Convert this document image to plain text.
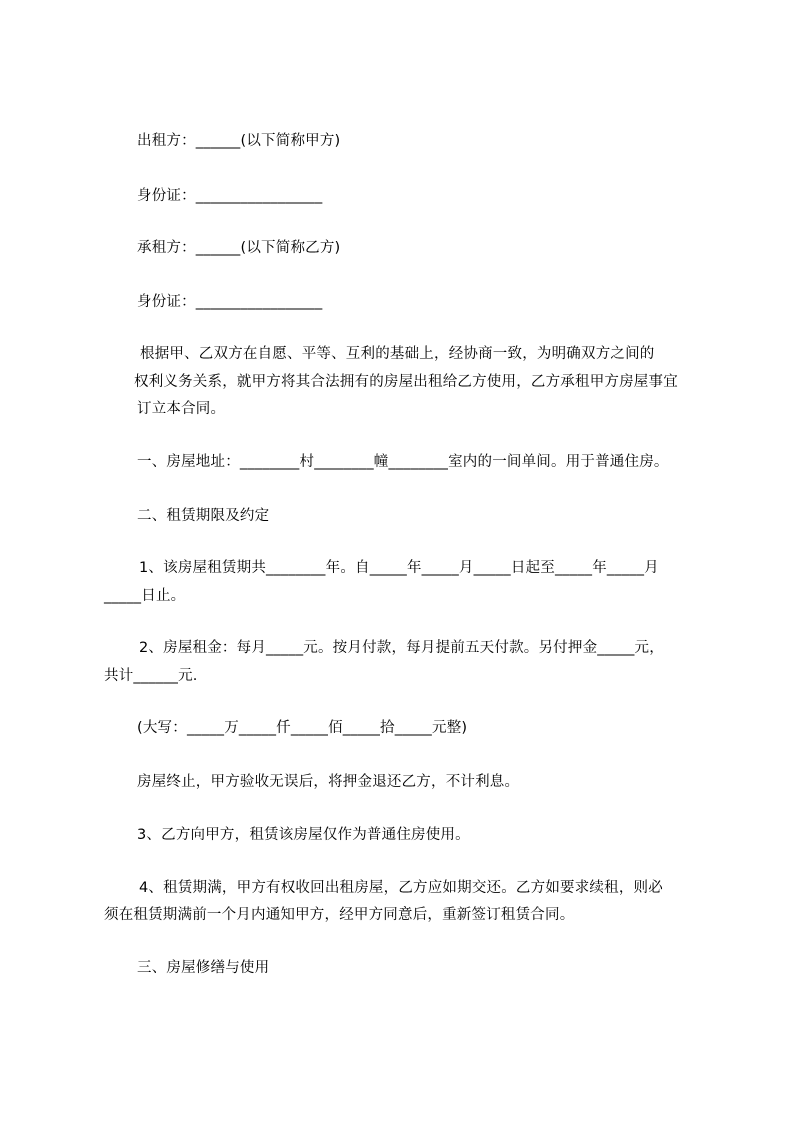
出租方：______(以下简称甲方)
身份证：_________________
承租方：______(以下简称乙方)
身份证：_________________
根据甲、乙双方在自愿、平等、互利的基础上，经协商一致，为明确双方之间的
权利义务关系，就甲方将其合法拥有的房屋出租给乙方使用，乙方承租甲方房屋事宜
订立本合同。
一、房屋地址：________村________幢________室内的一间单间。用于普通住房。
二、租赁期限及约定
1、该房屋租赁期共________年。自_____年_____月_____日起至_____年_____月
_____日止。
2、房屋租金：每月_____元。按月付款，每月提前五天付款。另付押金_____元，
共计______元.
(大写：_____万_____仟_____佰_____拾_____元整)
房屋终止，甲方验收无误后，将押金退还乙方，不计利息。
3、乙方向甲方，租赁该房屋仅作为普通住房使用。
4、租赁期满，甲方有权收回出租房屋，乙方应如期交还。乙方如要求续租，则必
须在租赁期满前一个月内通知甲方，经甲方同意后，重新签订租赁合同。
三、房屋修缮与使用
